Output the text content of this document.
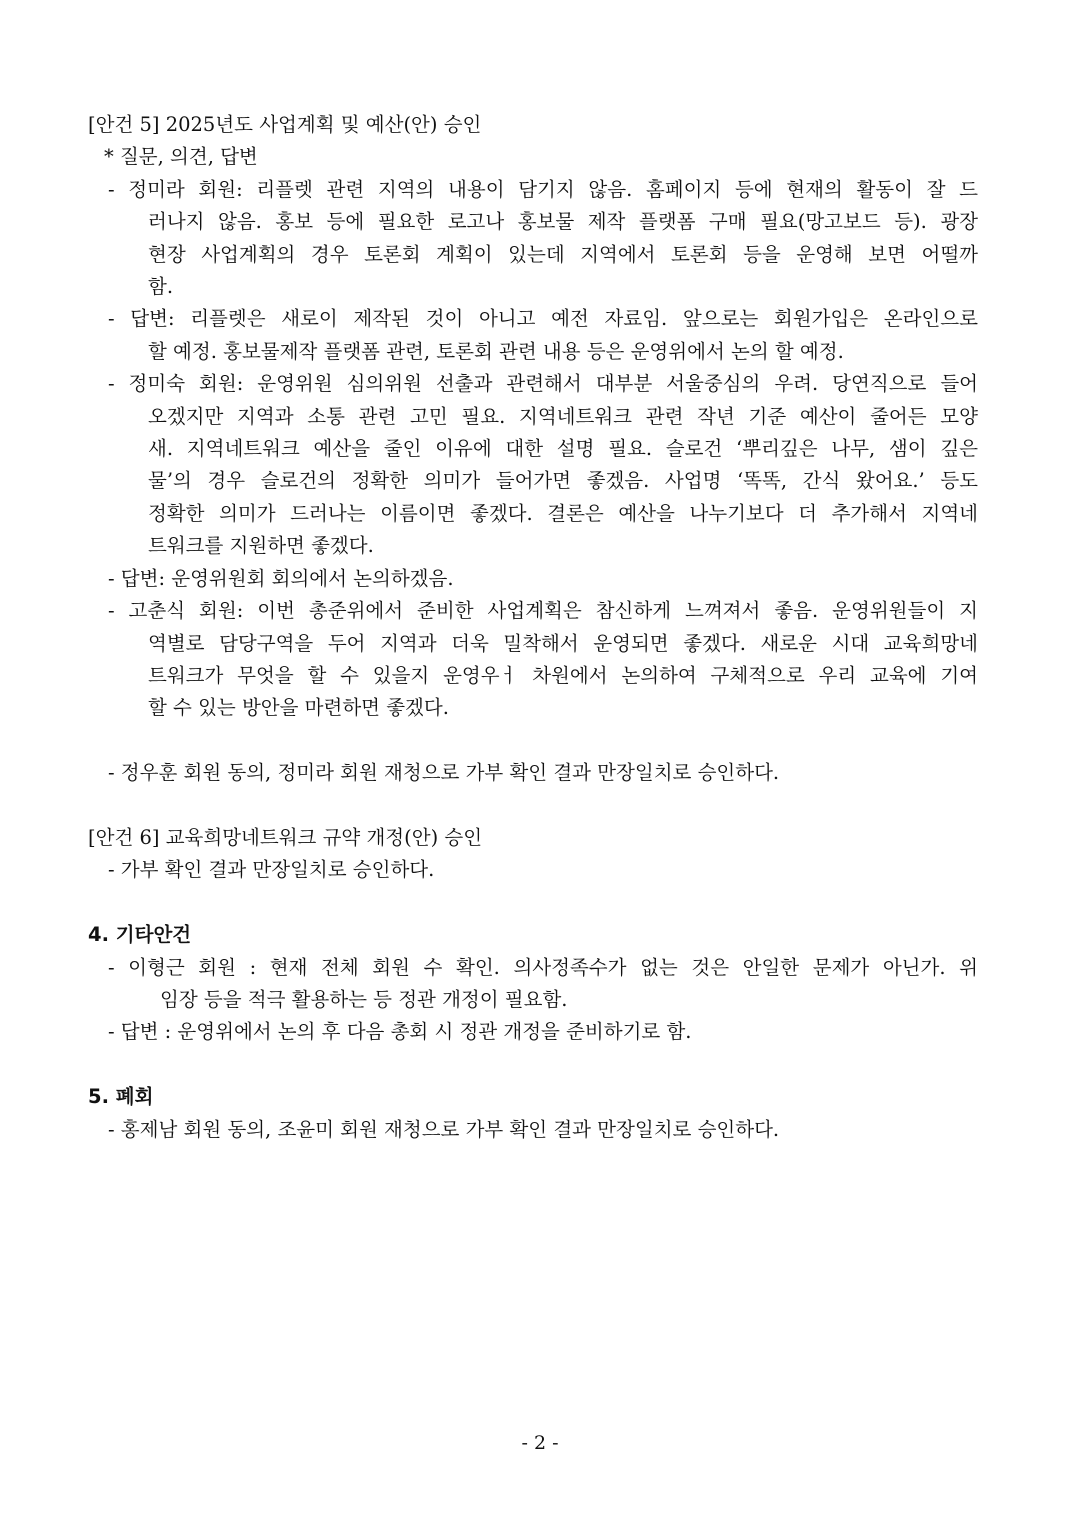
[안건 5] 2025년도 사업계획 및 예산(안) 승인
* 질문, 의견, 답변
- 정미라 회원: 리플렛 관련 지역의 내용이 담기지 않음. 홈페이지 등에 현재의 활동이 잘 드
러나지 않음. 홍보 등에 필요한 로고나 홍보물 제작 플랫폼 구매 필요(망고보드 등). 광장
현장 사업계획의 경우 토론회 계획이 있는데 지역에서 토론회 등을 운영해 보면 어떨까
함.
- 답변: 리플렛은 새로이 제작된 것이 아니고 예전 자료임. 앞으로는 회원가입은 온라인으로
할 예정. 홍보물제작 플랫폼 관련, 토론회 관련 내용 등은 운영위에서 논의 할 예정.
- 정미숙 회원: 운영위원 심의위원 선출과 관련해서 대부분 서울중심의 우려. 당연직으로 들어
오겠지만 지역과 소통 관련 고민 필요. 지역네트워크 관련 작년 기준 예산이 줄어든 모양
새. 지역네트워크 예산을 줄인 이유에 대한 설명 필요. 슬로건 ‘뿌리깊은 나무, 샘이 깊은
물’의 경우 슬로건의 정확한 의미가 들어가면 좋겠음. 사업명 ‘똑똑, 간식 왔어요.’ 등도
정확한 의미가 드러나는 이름이면 좋겠다. 결론은 예산을 나누기보다 더 추가해서 지역네
트워크를 지원하면 좋겠다.
- 답변: 운영위원회 회의에서 논의하겠음.
- 고춘식 회원: 이번 총준위에서 준비한 사업계획은 참신하게 느껴져서 좋음. 운영위원들이 지
역별로 담당구역을 두어 지역과 더욱 밀착해서 운영되면 좋겠다. 새로운 시대 교육희망네
트워크가 무엇을 할 수 있을지 운영우ㅓ 차원에서 논의하여 구체적으로 우리 교육에 기여
할 수 있는 방안을 마련하면 좋겠다.
- 정우훈 회원 동의, 정미라 회원 재청으로 가부 확인 결과 만장일치로 승인하다.
[안건 6] 교육희망네트워크 규약 개정(안) 승인
- 가부 확인 결과 만장일치로 승인하다.
4. 기타안건
- 이형근 회원 : 현재 전체 회원 수 확인. 의사정족수가 없는 것은 안일한 문제가 아닌가. 위
임장 등을 적극 활용하는 등 정관 개정이 필요함.
- 답변 : 운영위에서 논의 후 다음 총회 시 정관 개정을 준비하기로 함.
5. 폐회
- 홍제남 회원 동의, 조윤미 회원 재청으로 가부 확인 결과 만장일치로 승인하다.
- 2 -
